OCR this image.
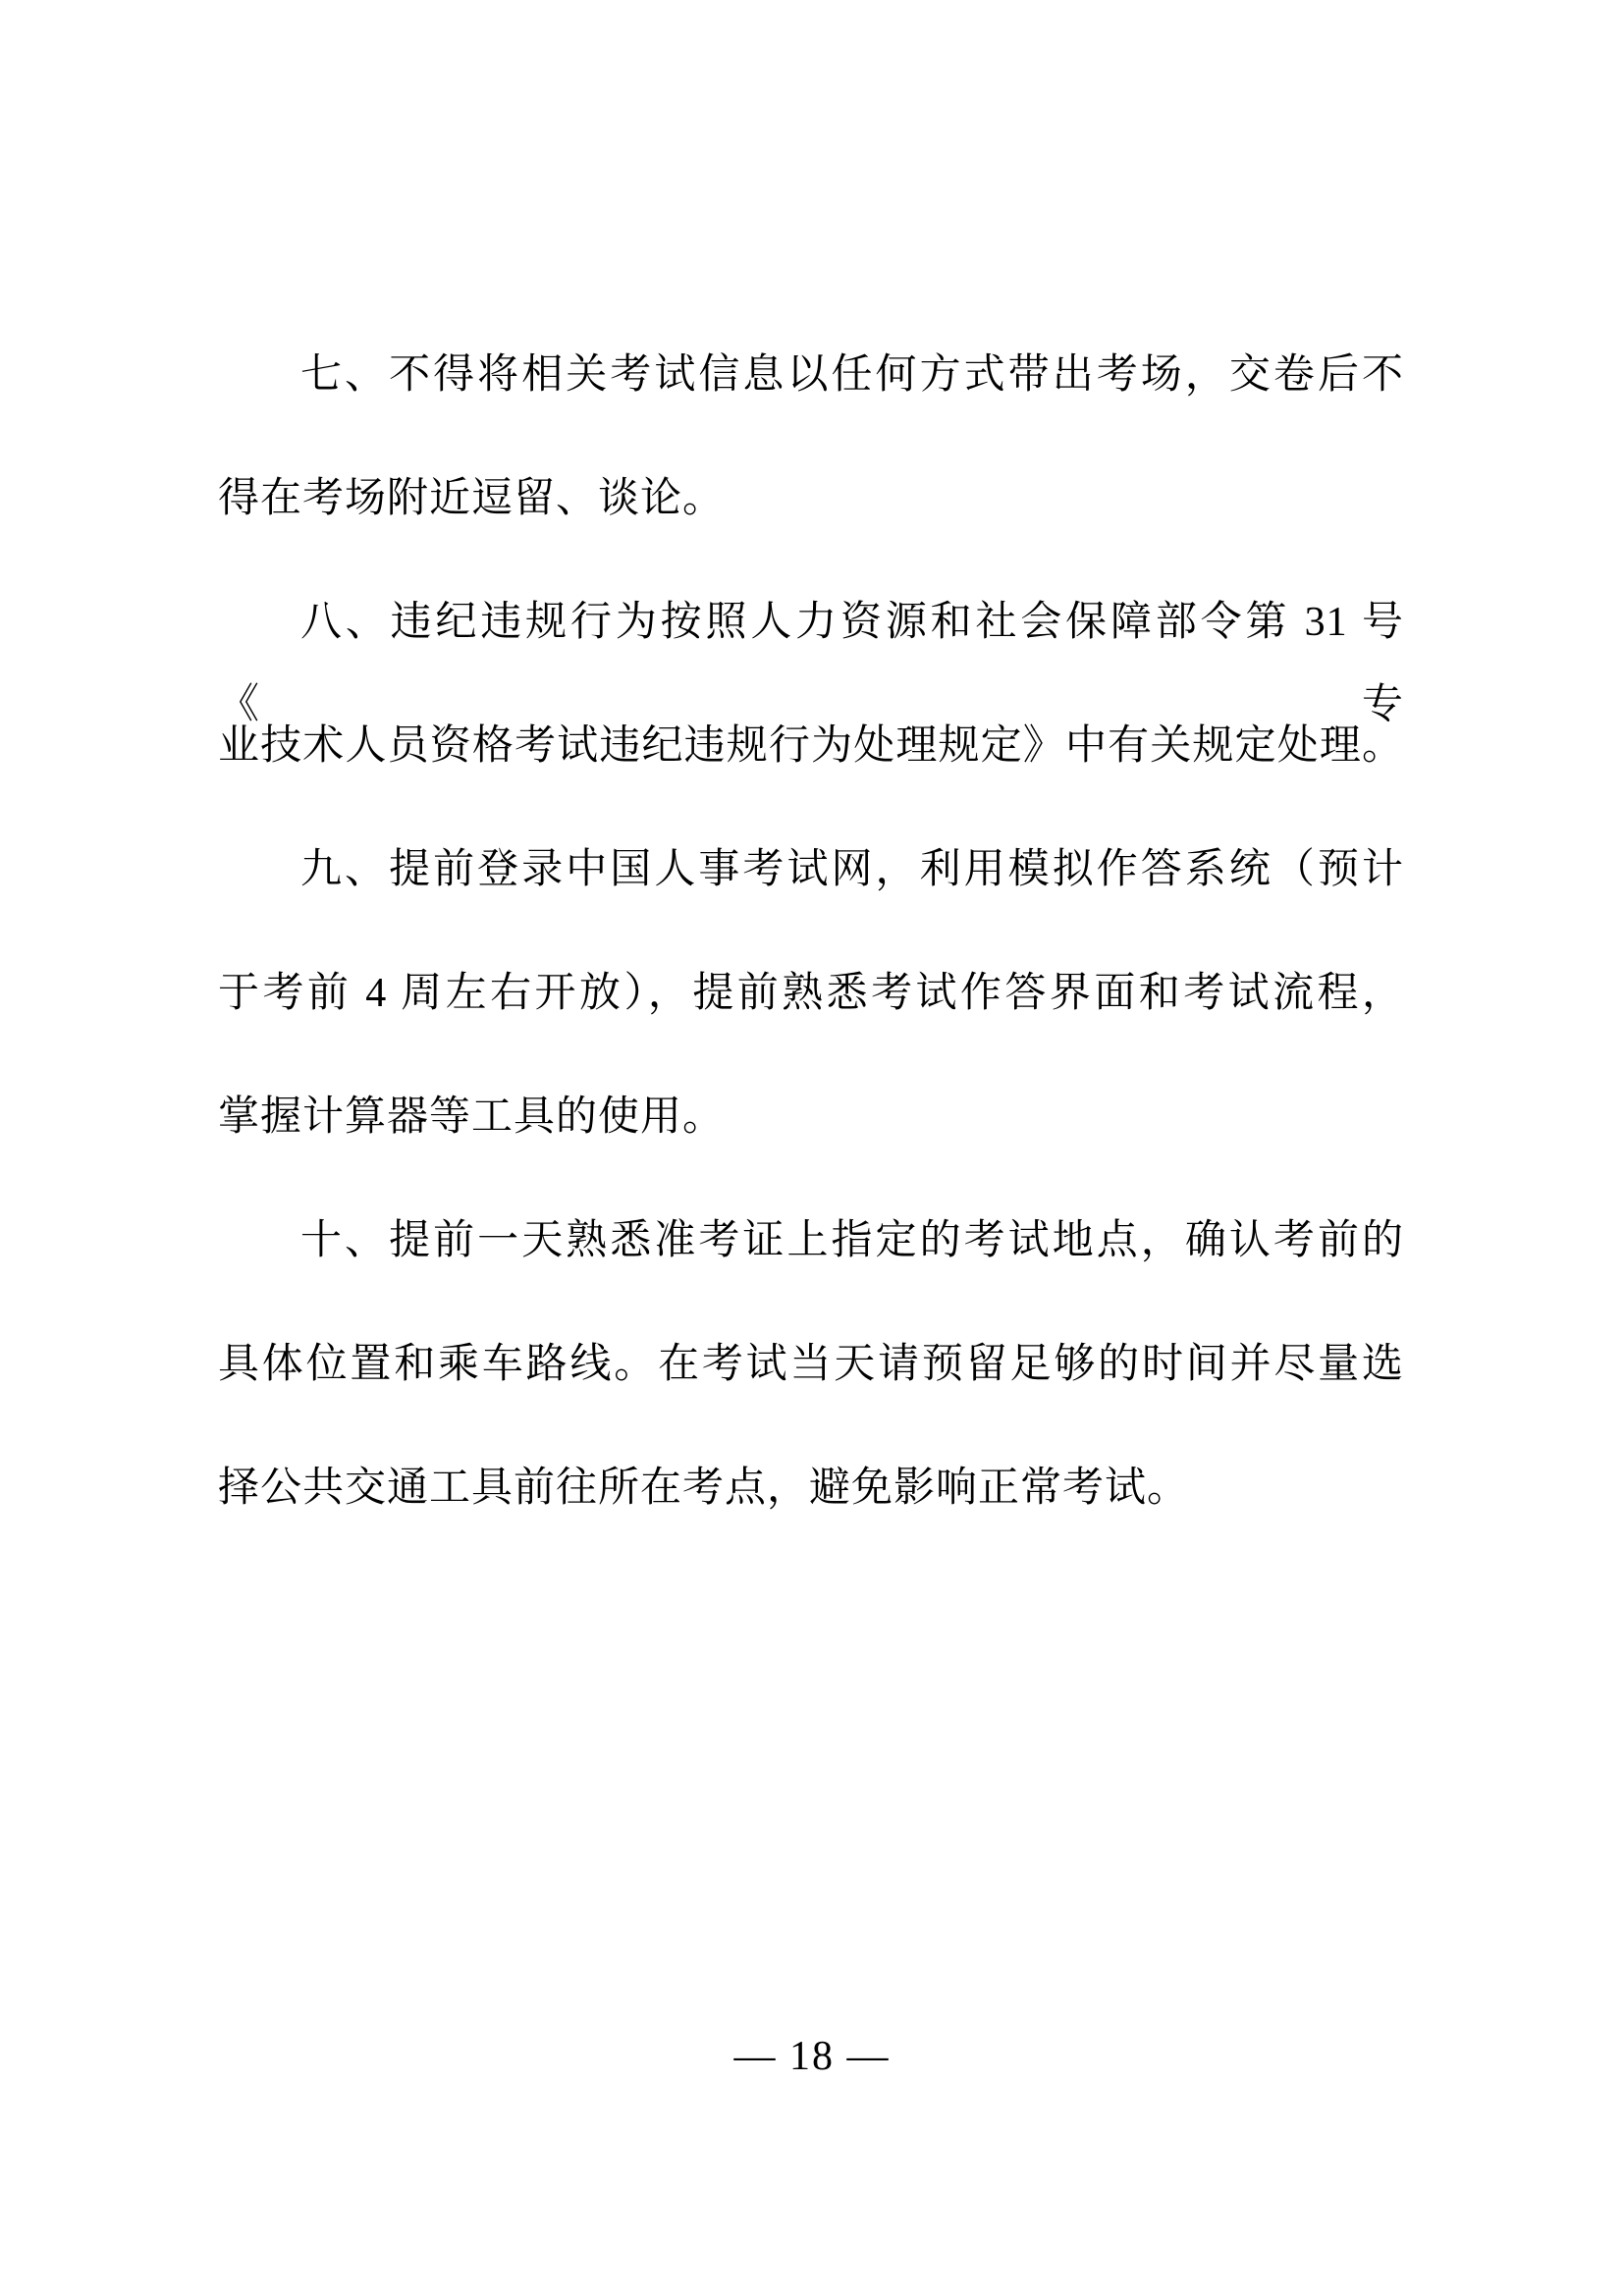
七、不得将相关考试信息以任何方式带出考场，交卷后不

得在考场附近逗留、谈论。

八、违纪违规行为按照人力资源和社会保障部令第 31 号《专

业技术人员资格考试违纪违规行为处理规定》中有关规定处理。

九、提前登录中国人事考试网，利用模拟作答系统（预计

于考前 4 周左右开放），提前熟悉考试作答界面和考试流程，

掌握计算器等工具的使用。

十、提前一天熟悉准考证上指定的考试地点，确认考前的

具体位置和乘车路线。在考试当天请预留足够的时间并尽量选

择公共交通工具前往所在考点，避免影响正常考试。

— 18 —
